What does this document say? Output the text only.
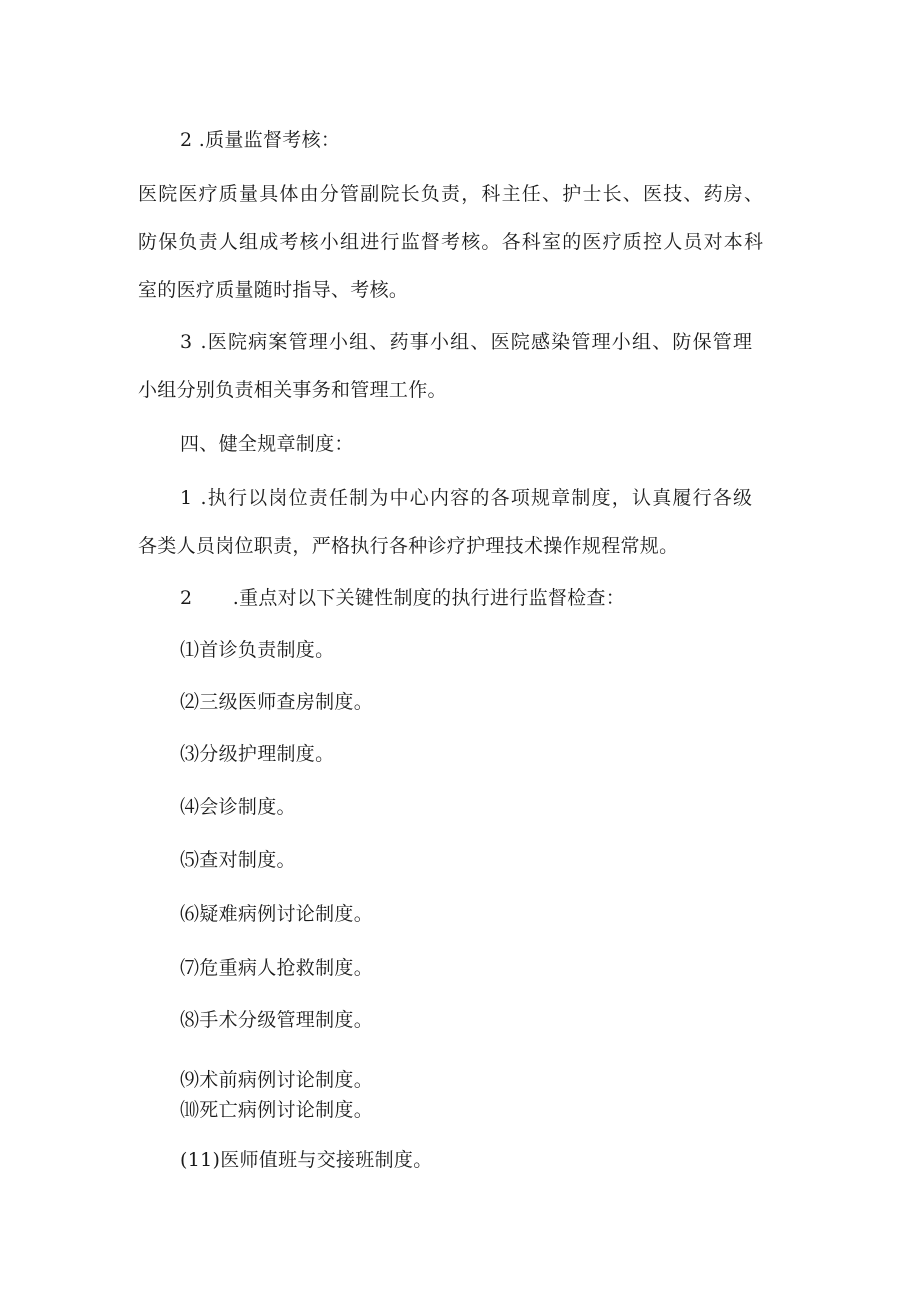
2 .质量监督考核：
医院医疗质量具体由分管副院长负责，科主任、护士长、医技、药房、
防保负责人组成考核小组进行监督考核。各科室的医疗质控人员对本科
室的医疗质量随时指导、考核。
3 .医院病案管理小组、药事小组、医院感染管理小组、防保管理
小组分别负责相关事务和管理工作。
四、健全规章制度：
1 .执行以岗位责任制为中心内容的各项规章制度，认真履行各级
各类人员岗位职责，严格执行各种诊疗护理技术操作规程常规。
2 .重点对以下关键性制度的执行进行监督检查：
⑴首诊负责制度。
⑵三级医师查房制度。
⑶分级护理制度。
⑷会诊制度。
⑸查对制度。
⑹疑难病例讨论制度。
⑺危重病人抢救制度。
⑻手术分级管理制度。
⑼术前病例讨论制度。
⑽死亡病例讨论制度。
(11)医师值班与交接班制度。
